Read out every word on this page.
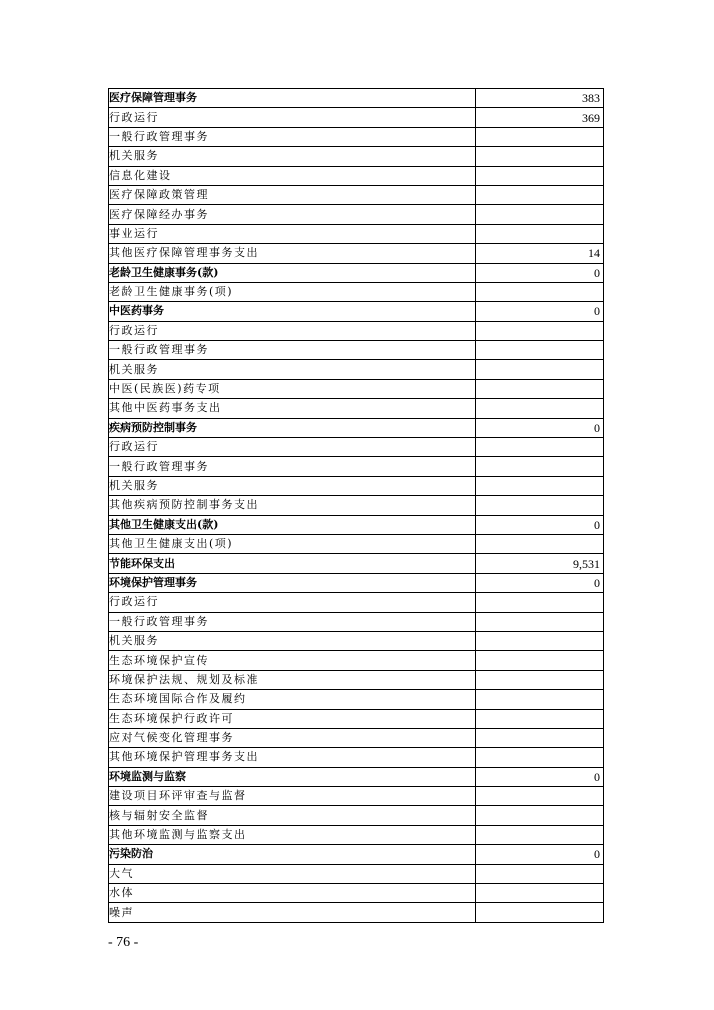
医疗保障管理事务	383
行政运行	369
一般行政管理事务	
机关服务	
信息化建设	
医疗保障政策管理	
医疗保障经办事务	
事业运行	
其他医疗保障管理事务支出	14
老龄卫生健康事务(款)	0
老龄卫生健康事务(项)	
中医药事务	0
行政运行	
一般行政管理事务	
机关服务	
中医(民族医)药专项	
其他中医药事务支出	
疾病预防控制事务	0
行政运行	
一般行政管理事务	
机关服务	
其他疾病预防控制事务支出	
其他卫生健康支出(款)	0
其他卫生健康支出(项)	
节能环保支出	9,531
环境保护管理事务	0
行政运行	
一般行政管理事务	
机关服务	
生态环境保护宣传	
环境保护法规、规划及标准	
生态环境国际合作及履约	
生态环境保护行政许可	
应对气候变化管理事务	
其他环境保护管理事务支出	
环境监测与监察	0
建设项目环评审查与监督	
核与辐射安全监督	
其他环境监测与监察支出	
污染防治	0
大气	
水体	
噪声	
- 76 -
